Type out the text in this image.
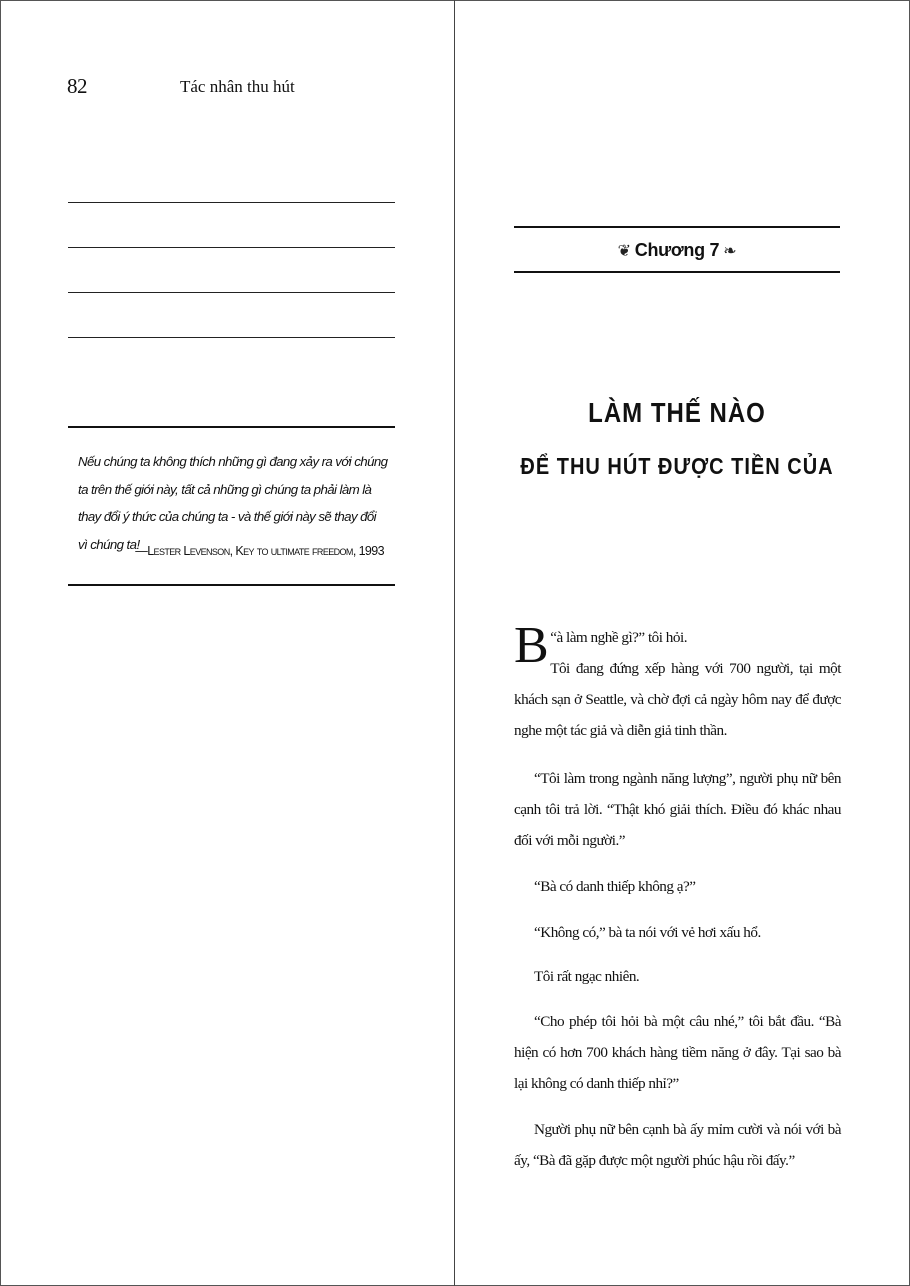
82	Tác nhân thu hút
Nếu chúng ta không thích những gì đang xảy ra với chúng ta trên thế giới này, tất cả những gì chúng ta phải làm là thay đổi ý thức của chúng ta - và thế giới này sẽ thay đổi vì chúng ta!
—Lester Levenson, Key to ultimate freedom, 1993
❦ Chương 7 ❧
LÀM THẾ NÀO
ĐỂ THU HÚT ĐƯỢC TIỀN CỦA

“
B à làm nghề gì?” tôi hỏi.
Tôi đang đứng xếp hàng với 700 người, tại một khách sạn ở Seattle, và chờ đợi cả ngày hôm nay để được nghe một tác giả và diễn giả tinh thần.

“Tôi làm trong ngành năng lượng”, người phụ nữ bên cạnh tôi trả lời. “Thật khó giải thích. Điều đó khác nhau đối với mỗi người.”

“Bà có danh thiếp không ạ?”

“Không có,” bà ta nói với vẻ hơi xấu hổ.

Tôi rất ngạc nhiên.

“Cho phép tôi hỏi bà một câu nhé,” tôi bắt đầu. “Bà hiện có hơn 700 khách hàng tiềm năng ở đây. Tại sao bà lại không có danh thiếp nhỉ?”

Người phụ nữ bên cạnh bà ấy mỉm cười và nói với bà ấy, “Bà đã gặp được một người phúc hậu rồi đấy.”
